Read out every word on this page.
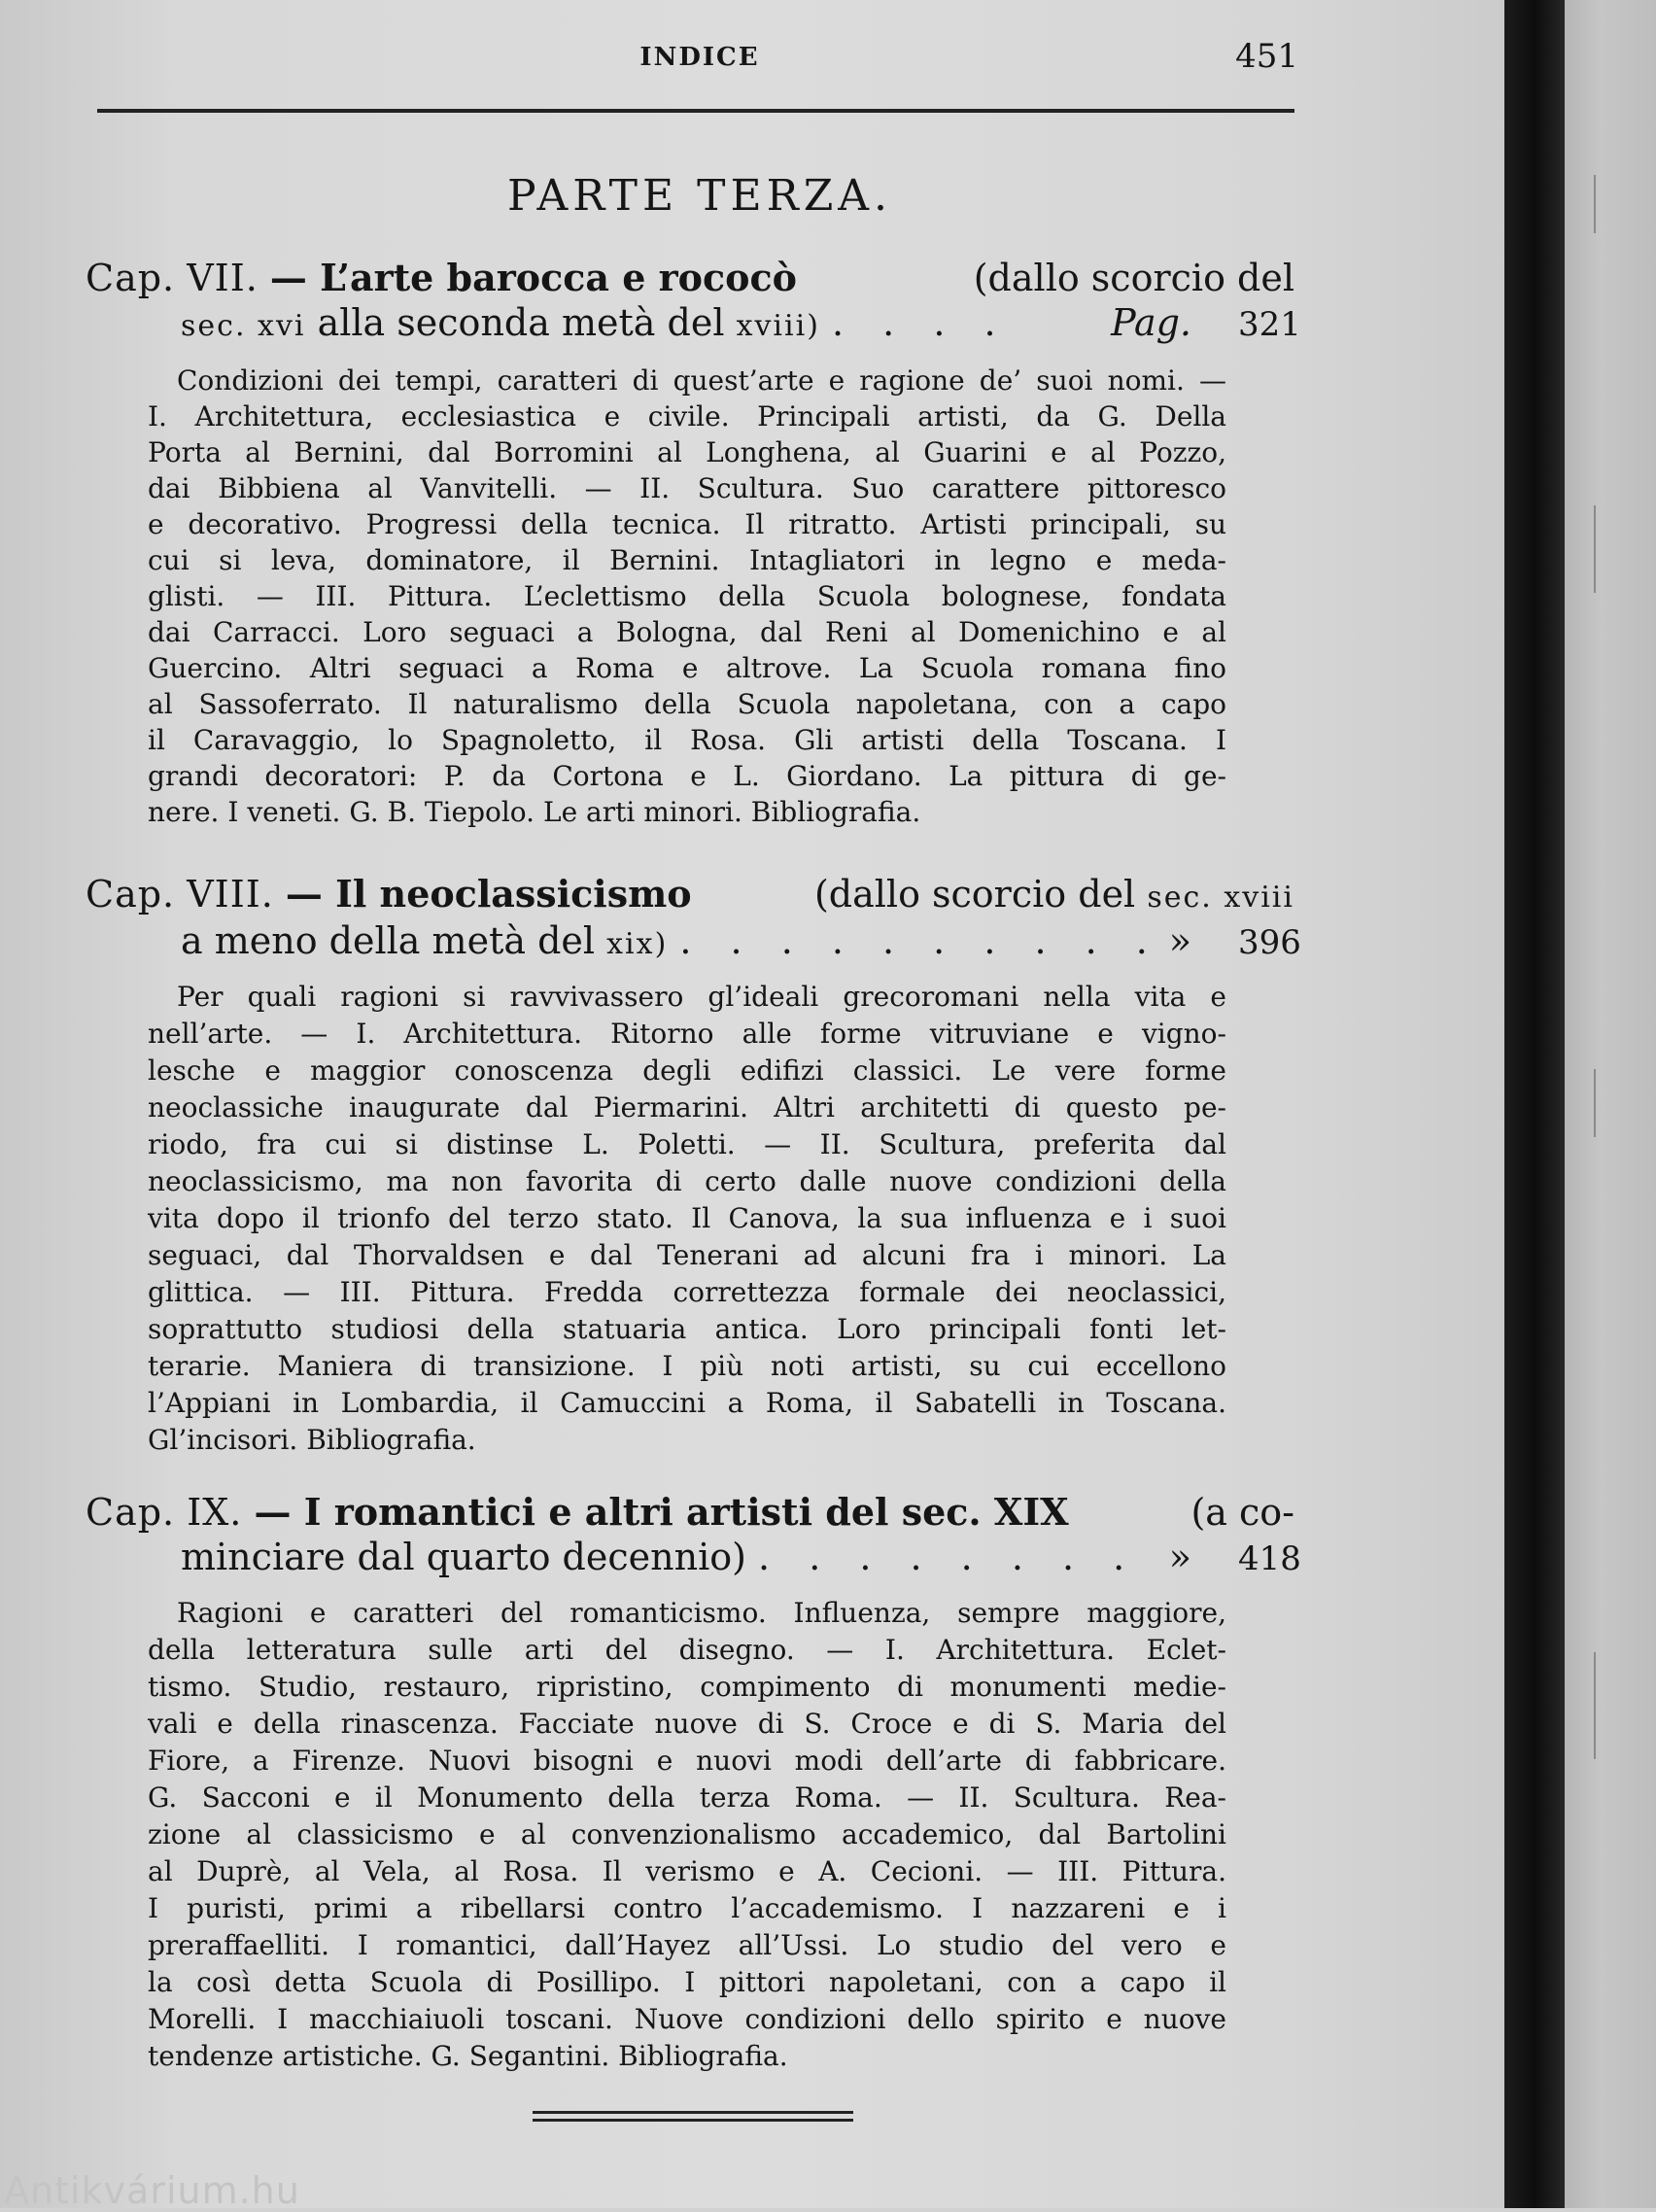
INDICE	451
PARTE TERZA.
Cap. VII. — L’arte barocca e rococò	(dallo scorcio del
sec. xvi alla seconda metà del xviii) . . . .	Pag. 321
Condizioni dei tempi, caratteri di quest’arte e ragione de’ suoi nomi. —
I. Architettura, ecclesiastica e civile. Principali artisti, da G. Della
Porta al Bernini, dal Borromini al Longhena, al Guarini e al Pozzo,
dai Bibbiena al Vanvitelli. — II. Scultura. Suo carattere pittoresco
e decorativo. Progressi della tecnica. Il ritratto. Artisti principali, su
cui si leva, dominatore, il Bernini. Intagliatori in legno e meda-
glisti. — III. Pittura. L’eclettismo della Scuola bolognese, fondata
dai Carracci. Loro seguaci a Bologna, dal Reni al Domenichino e al
Guercino. Altri seguaci a Roma e altrove. La Scuola romana fino
al Sassoferrato. Il naturalismo della Scuola napoletana, con a capo
il Caravaggio, lo Spagnoletto, il Rosa. Gli artisti della Toscana. I
grandi decoratori: P. da Cortona e L. Giordano. La pittura di ge-
nere. I veneti. G. B. Tiepolo. Le arti minori. Bibliografia.
Cap. VIII. — Il neoclassicismo	(dallo scorcio del sec. xviii
a meno della metà del xix) . . . . . . . . . . » 396
Per quali ragioni si ravvivassero gl’ideali grecoromani nella vita e
nell’arte. — I. Architettura. Ritorno alle forme vitruviane e vigno-
lesche e maggior conoscenza degli edifizi classici. Le vere forme
neoclassiche inaugurate dal Piermarini. Altri architetti di questo pe-
riodo, fra cui si distinse L. Poletti. — II. Scultura, preferita dal
neoclassicismo, ma non favorita di certo dalle nuove condizioni della
vita dopo il trionfo del terzo stato. Il Canova, la sua influenza e i suoi
seguaci, dal Thorvaldsen e dal Tenerani ad alcuni fra i minori. La
glittica. — III. Pittura. Fredda correttezza formale dei neoclassici,
soprattutto studiosi della statuaria antica. Loro principali fonti let-
terarie. Maniera di transizione. I più noti artisti, su cui eccellono
l’Appiani in Lombardia, il Camuccini a Roma, il Sabatelli in Toscana.
Gl’incisori. Bibliografia.
Cap. IX. — I romantici e altri artisti del sec. XIX	(a co-
minciare dal quarto decennio) . . . . . . . . » 418
Ragioni e caratteri del romanticismo. Influenza, sempre maggiore,
della letteratura sulle arti del disegno. — I. Architettura. Eclet-
tismo. Studio, restauro, ripristino, compimento di monumenti medie-
vali e della rinascenza. Facciate nuove di S. Croce e di S. Maria del
Fiore, a Firenze. Nuovi bisogni e nuovi modi dell’arte di fabbricare.
G. Sacconi e il Monumento della terza Roma. — II. Scultura. Rea-
zione al classicismo e al convenzionalismo accademico, dal Bartolini
al Duprè, al Vela, al Rosa. Il verismo e A. Cecioni. — III. Pittura.
I puristi, primi a ribellarsi contro l’accademismo. I nazzareni e i
preraffaelliti. I romantici, dall’Hayez all’Ussi. Lo studio del vero e
la così detta Scuola di Posillipo. I pittori napoletani, con a capo il
Morelli. I macchiaiuoli toscani. Nuove condizioni dello spirito e nuove
tendenze artistiche. G. Segantini. Bibliografia.
Antikvárium.hu
